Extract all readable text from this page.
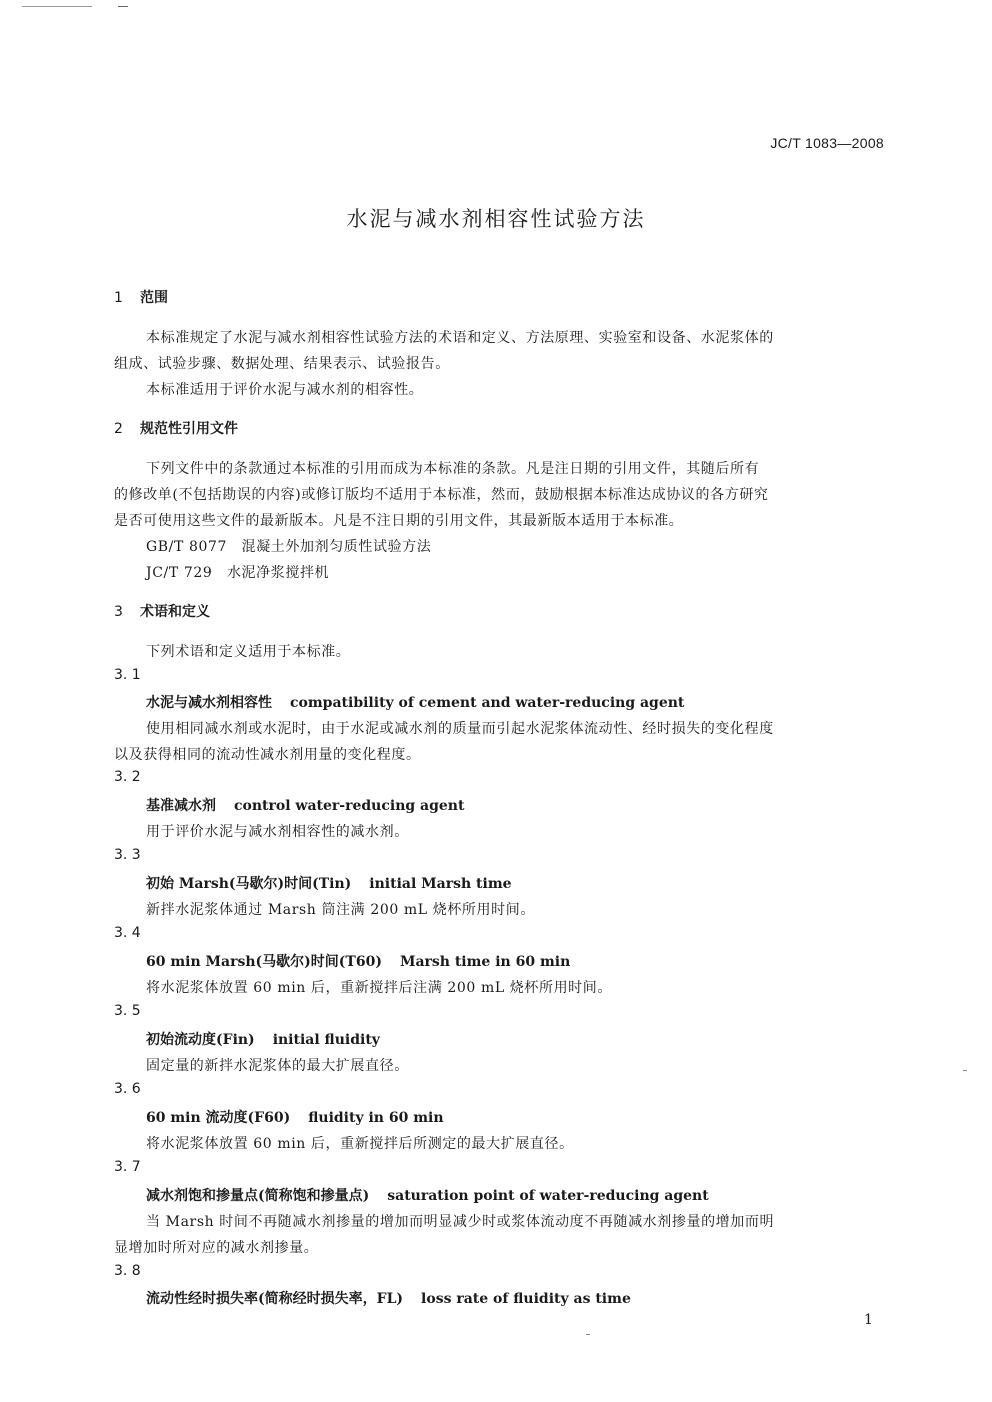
JC/T 1083—2008
水泥与减水剂相容性试验方法
1 范围
本标准规定了水泥与减水剂相容性试验方法的术语和定义、方法原理、实验室和设备、水泥浆体的
组成、试验步骤、数据处理、结果表示、试验报告。
本标准适用于评价水泥与减水剂的相容性。
2 规范性引用文件
下列文件中的条款通过本标准的引用而成为本标准的条款。凡是注日期的引用文件，其随后所有
的修改单(不包括勘误的内容)或修订版均不适用于本标准，然而，鼓励根据本标准达成协议的各方研究
是否可使用这些文件的最新版本。凡是不注日期的引用文件，其最新版本适用于本标准。
GB/T 8077　混凝土外加剂匀质性试验方法
JC/T 729　水泥净浆搅拌机
3 术语和定义
下列术语和定义适用于本标准。
3. 1
水泥与减水剂相容性 compatibility of cement and water-reducing agent
使用相同减水剂或水泥时，由于水泥或减水剂的质量而引起水泥浆体流动性、经时损失的变化程度
以及获得相同的流动性减水剂用量的变化程度。
3. 2
基准减水剂 control water-reducing agent
用于评价水泥与减水剂相容性的减水剂。
3. 3
初始 Marsh(马歇尔)时间(Tin) initial Marsh time
新拌水泥浆体通过 Marsh 筒注满 200 mL 烧杯所用时间。
3. 4
60 min Marsh(马歇尔)时间(T60) Marsh time in 60 min
将水泥浆体放置 60 min 后，重新搅拌后注满 200 mL 烧杯所用时间。
3. 5
初始流动度(Fin) initial fluidity
固定量的新拌水泥浆体的最大扩展直径。
3. 6
60 min 流动度(F60) fluidity in 60 min
将水泥浆体放置 60 min 后，重新搅拌后所测定的最大扩展直径。
3. 7
减水剂饱和掺量点(简称饱和掺量点) saturation point of water-reducing agent
当 Marsh 时间不再随减水剂掺量的增加而明显减少时或浆体流动度不再随减水剂掺量的增加而明
显增加时所对应的减水剂掺量。
3. 8
流动性经时损失率(简称经时损失率，FL) loss rate of fluidity as time
1
